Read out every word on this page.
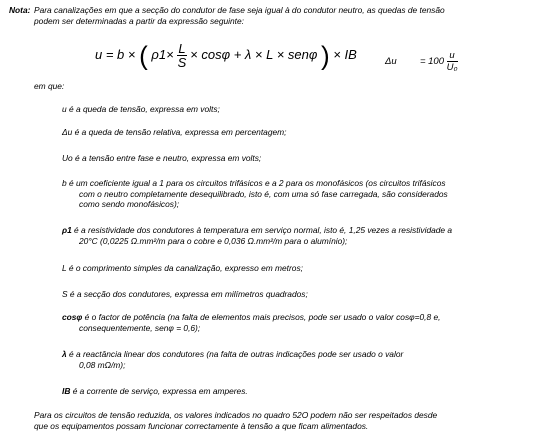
Nota: Para canalizações em que a secção do condutor de fase seja igual à do condutor neutro, as quedas de tensão
podem ser determinadas a partir da expressão seguinte:
u = b × ( $\rho 1\times \frac{L}{S} \times \cos\varphi + \lambda \times L \times sen\varphi$ ) × IB	$\Delta u = 100 \frac{u}{\text{U₀}}$
em que:
u é a queda de tensão, expressa em volts;
Δu é a queda de tensão relativa, expressa em percentagem;
Uo é a tensão entre fase e neutro, expressa em volts;
b é um coeficiente igual a 1 para os circuitos trifásicos e a 2 para os monofásicos (os circuitos trifásicos
com o neutro completamente desequilibrado, isto é, com uma só fase carregada, são considerados
como sendo monofásicos);
ρ1 é a resistividade dos condutores à temperatura em serviço normal, isto é, 1,25 vezes a resistividade a
20°C (0,0225 Ω.mm²/m para o cobre e 0,036 Ω.mm²/m para o alumínio);
L é o comprimento simples da canalização, expresso em metros;
S é a secção dos condutores, expressa em milímetros quadrados;
cosφ é o factor de potência (na falta de elementos mais precisos, pode ser usado o valor cosφ=0,8 e,
consequentemente, senφ = 0,6);
λ é a reactância linear dos condutores (na falta de outras indicações pode ser usado o valor
0,08 mΩ/m);
IB é a corrente de serviço, expressa em amperes.
Para os circuitos de tensão reduzida, os valores indicados no quadro 52O podem não ser respeitados desde
que os equipamentos possam funcionar correctamente à tensão a que ficam alimentados.
